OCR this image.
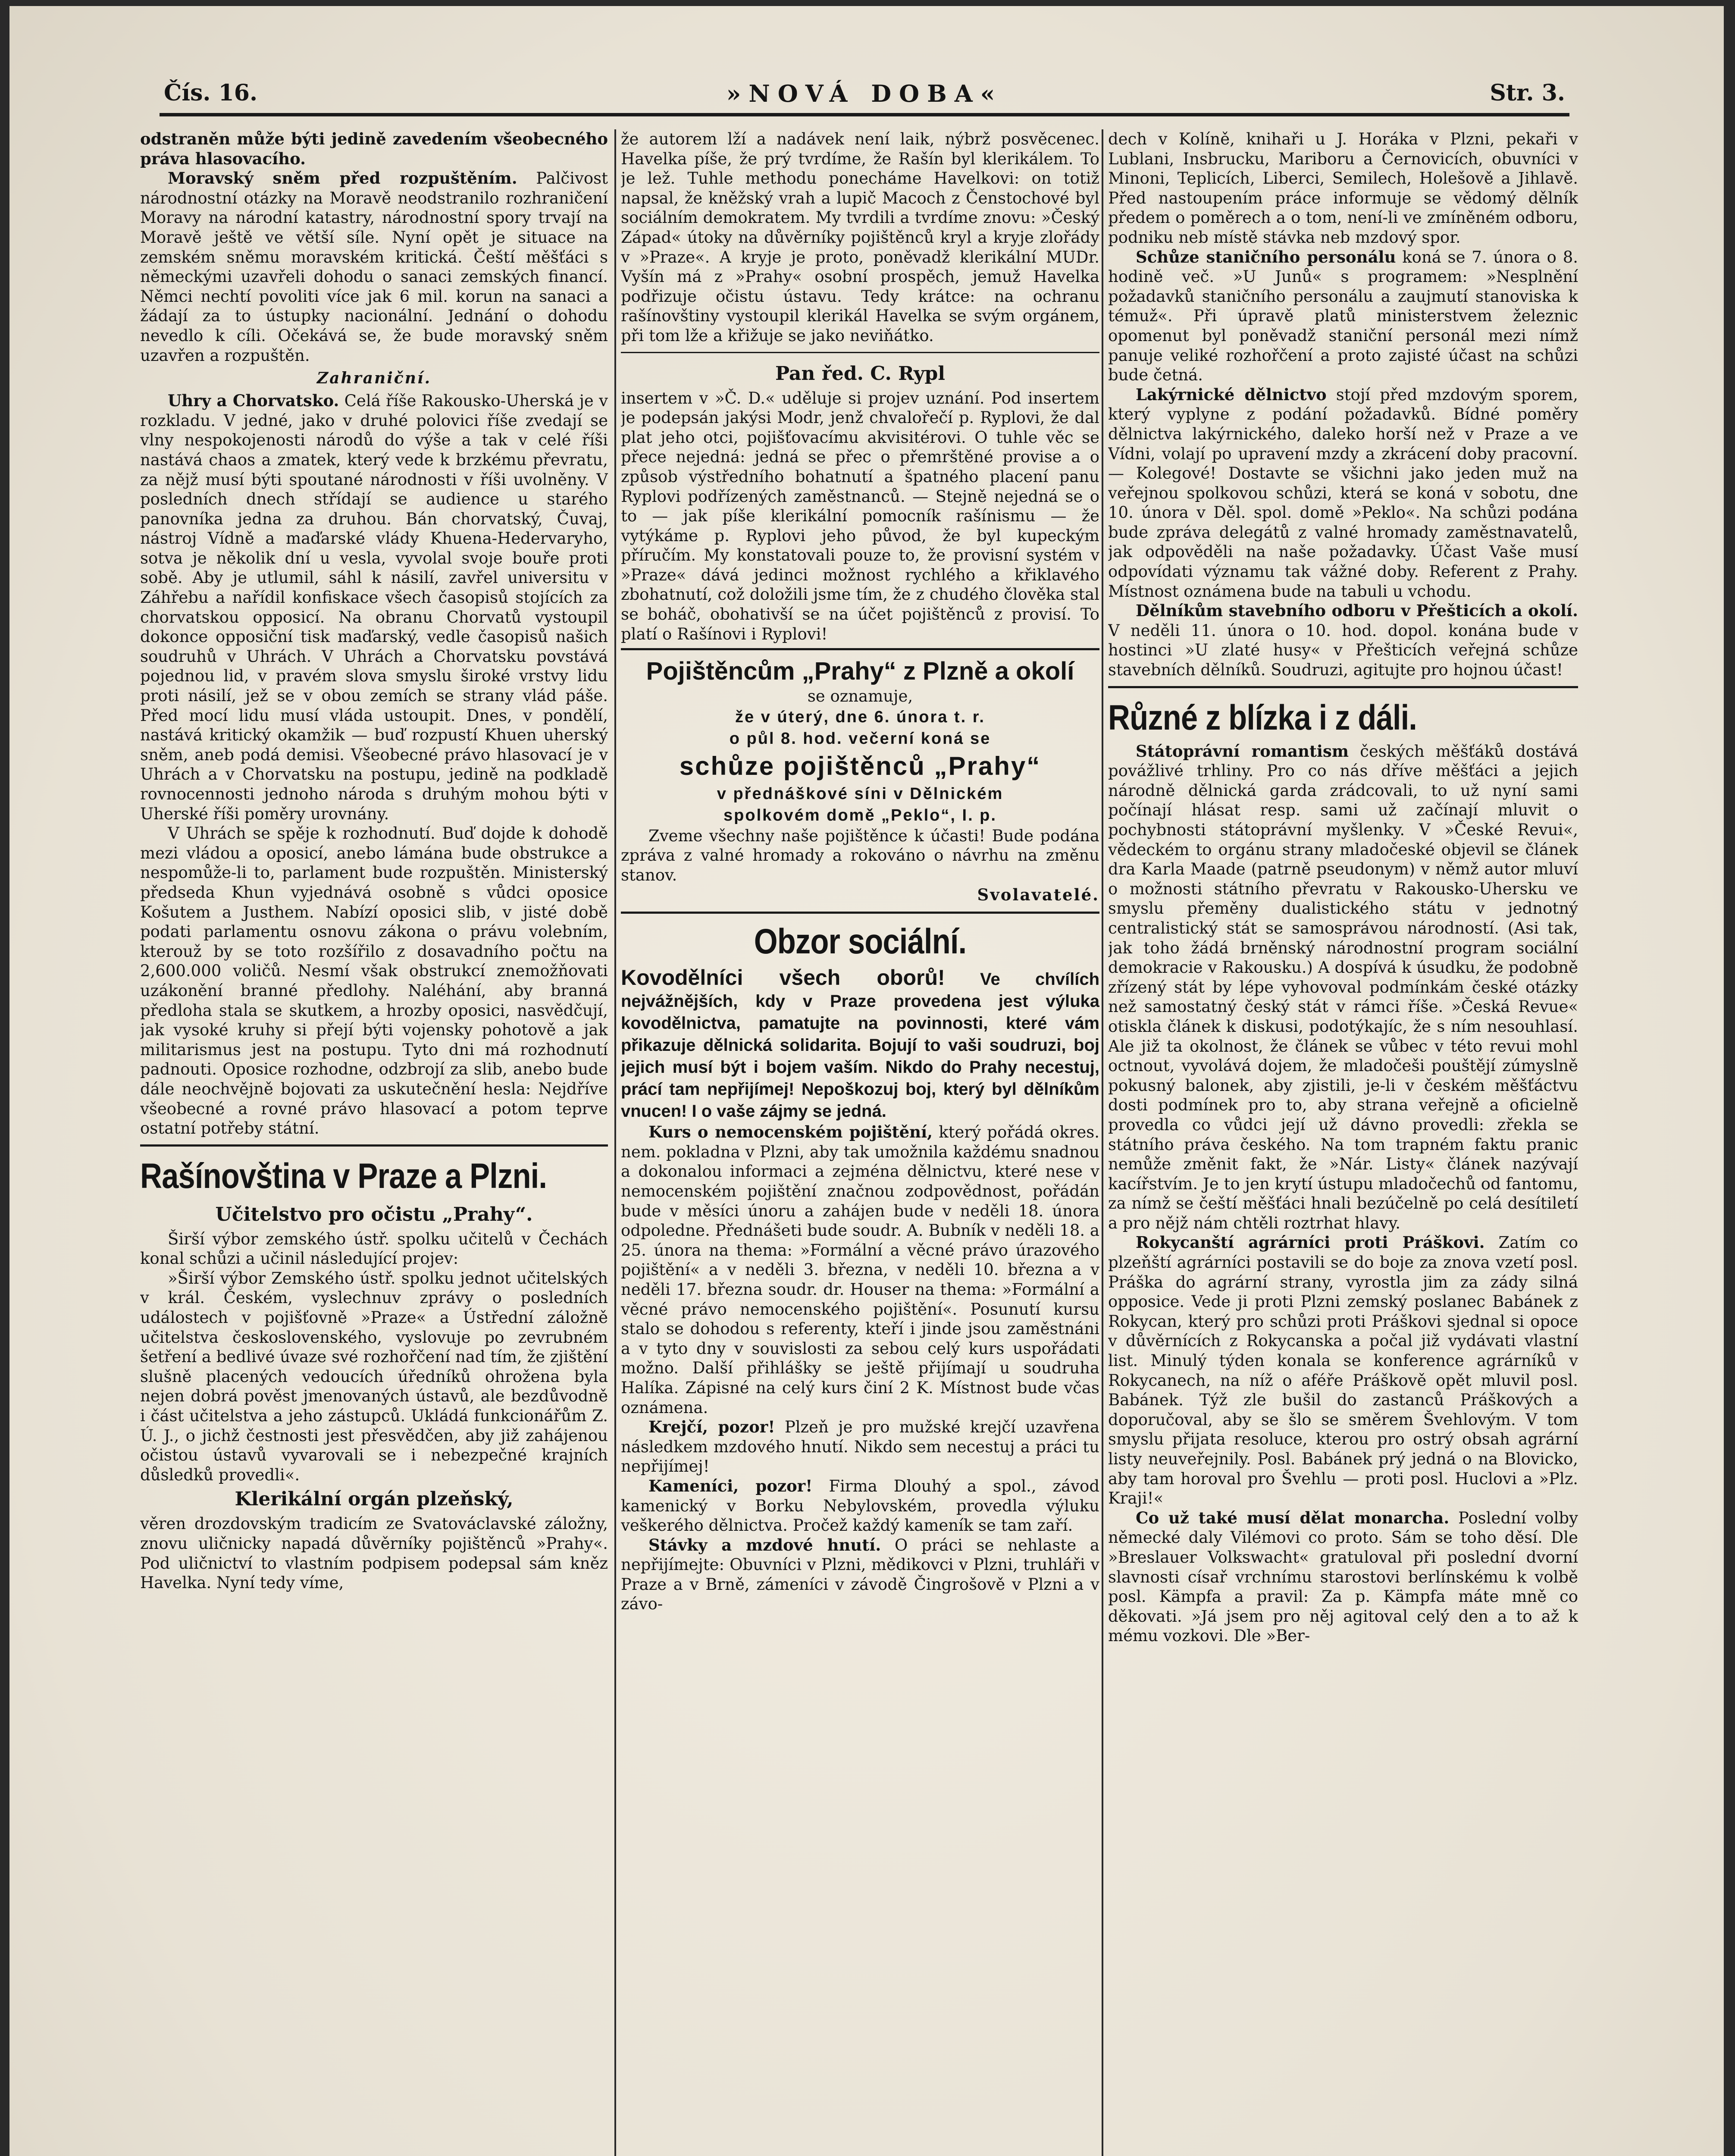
Čís. 16.	»NOVÁ DOBA«	Str. 3.

odstraněn může býti jedině zavedením všeobecného práva hlasovacího.

Moravský sněm před rozpuštěním. Palčivost národnostní otázky na Moravě neodstranilo rozhraničení Moravy na národní katastry, národnostní spory trvají na Moravě ještě ve větší síle. Nyní opět je situace na zemském sněmu moravském kritická. Čeští měšťáci s německými uzavřeli dohodu o sanaci zemských financí. Němci nechtí povoliti více jak 6 mil. korun na sanaci a žádají za to ústupky nacionální. Jednání o dohodu nevedlo k cíli. Očekává se, že bude moravský sněm uzavřen a rozpuštěn.

Zahraniční.

Uhry a Chorvatsko. Celá říše Rakousko-Uherská je v rozkladu. V jedné, jako v druhé polovici říše zvedají se vlny nespokojenosti národů do výše a tak v celé říši nastává chaos a zmatek, který vede k brzkému převratu, za nějž musí býti spoutané národnosti v říši uvolněny. V posledních dnech střídají se audience u starého panovníka jedna za druhou. Bán chorvatský, Čuvaj, nástroj Vídně a maďarské vlády Khuena-Hedervaryho, sotva je několik dní u vesla, vyvolal svoje bouře proti sobě. Aby je utlumil, sáhl k násilí, zavřel universitu v Záhřebu a nařídil konfiskace všech časopisů stojících za chorvatskou opposicí. Na obranu Chorvatů vystoupil dokonce opposiční tisk maďarský, vedle časopisů našich soudruhů v Uhrách. V Uhrách a Chorvatsku povstává pojednou lid, v pravém slova smyslu široké vrstvy lidu proti násilí, jež se v obou zemích se strany vlád páše. Před mocí lidu musí vláda ustoupit. Dnes, v pondělí, nastává kritický okamžik — buď rozpustí Khuen uherský sněm, aneb podá demisi. Všeobecné právo hlasovací je v Uhrách a v Chorvatsku na postupu, jedině na podkladě rovnocennosti jednoho národa s druhým mohou býti v Uherské říši poměry urovnány.

V Uhrách se spěje k rozhodnutí. Buď dojde k dohodě mezi vládou a oposicí, anebo lámána bude obstrukce a nespomůže-li to, parlament bude rozpuštěn. Ministerský předseda Khun vyjednává osobně s vůdci oposice Košutem a Justhem. Nabízí oposici slib, v jisté době podati parlamentu osnovu zákona o právu volebním, kterouž by se toto rozšířilo z dosavadního počtu na 2,600.000 voličů. Nesmí však obstrukcí znemožňovati uzákonění branné předlohy. Naléhání, aby branná předloha stala se skutkem, a hrozby oposici, nasvědčují, jak vysoké kruhy si přejí býti vojensky pohotově a jak militarismus jest na postupu. Tyto dni má rozhodnutí padnouti. Oposice rozhodne, odzbrojí za slib, anebo bude dále neochvějně bojovati za uskutečnění hesla: Nejdříve všeobecné a rovné právo hlasovací a potom teprve ostatní potřeby státní.

Rašínovština v Praze a Plzni.
Učitelstvo pro očistu „Prahy“.

Širší výbor zemského ústř. spolku učitelů v Čechách konal schůzi a učinil následující projev:

»Širší výbor Zemského ústř. spolku jednot učitelských v král. Českém, vyslechnuv zprávy o posledních událostech v pojišťovně »Praze« a Ústřední záložně učitelstva československého, vyslovuje po zevrubném šetření a bedlivé úvaze své rozhořčení nad tím, že zjištění slušně placených vedoucích úředníků ohrožena byla nejen dobrá pověst jmenovaných ústavů, ale bezdůvodně i část učitelstva a jeho zástupců. Ukládá funkcionářům Z. Ú. J., o jichž čestnosti jest přesvědčen, aby již zahájenou očistou ústavů vyvarovali se i nebezpečné krajních důsledků provedli«.

Klerikální orgán plzeňský,

věren drozdovským tradicím ze Svatováclavské záložny, znovu uličnicky napadá důvěrníky pojištěnců »Prahy«. Pod uličnictví to vlastním podpisem podepsal sám kněz Havelka. Nyní tedy víme,

že autorem lží a nadávek není laik, nýbrž posvěcenec. Havelka píše, že prý tvrdíme, že Rašín byl klerikálem. To je lež. Tuhle methodu ponecháme Havelkovi: on totiž napsal, že kněžský vrah a lupič Macoch z Čenstochové byl sociálním demokratem. My tvrdili a tvrdíme znovu: »Český Západ« útoky na důvěrníky pojištěnců kryl a kryje zlořády v »Praze«. A kryje je proto, poněvadž klerikální MUDr. Vyšín má z »Prahy« osobní prospěch, jemuž Havelka podřizuje očistu ústavu. Tedy krátce: na ochranu rašínovštiny vystoupil klerikál Havelka se svým orgánem, při tom lže a křižuje se jako neviňátko.

Pan řed. C. Rypl

insertem v »Č. D.« uděluje si projev uznání. Pod insertem je podepsán jakýsi Modr, jenž chvalořečí p. Ryplovi, že dal plat jeho otci, pojišťovacímu akvisitérovi. O tuhle věc se přece nejedná: jedná se přec o přemrštěné provise a o způsob výstředního bohatnutí a špatného placení panu Ryplovi podřízených zaměstnanců. — Stejně nejedná se o to — jak píše klerikální pomocník rašínismu — že vytýkáme p. Ryplovi jeho původ, že byl kupeckým příručím. My konstatovali pouze to, že provisní systém v »Praze« dává jedinci možnost rychlého a křiklavého zbohatnutí, což doložili jsme tím, že z chudého člověka stal se boháč, obohativší se na účet pojištěnců z provisí. To platí o Rašínovi i Ryplovi!

Pojištěncům „Prahy“ z Plzně a okolí

se oznamuje,

že v úterý, dne 6. února t. r.
o půl 8. hod. večerní koná se
schůze pojištěnců „Prahy“
v přednáškové síni v Dělnickém
spolkovém domě „Peklo“, I. p.

Zveme všechny naše pojištěnce k účasti! Bude podána zpráva z valné hromady a rokováno o návrhu na změnu stanov.

Svolavatelé.

Obzor sociální.

Kovodělníci všech oborů! Ve chvílích nejvážnějších, kdy v Praze provedena jest výluka kovodělnictva, pamatujte na povinnosti, které vám přikazuje dělnická solidarita. Bojují to vaši soudruzi, boj jejich musí být i bojem vaším. Nikdo do Prahy necestuj, prácí tam nepřijímej! Nepoškozuj boj, který byl dělníkům vnucen! I o vaše zájmy se jedná.

Kurs o nemocenském pojištění, který pořádá okres. nem. pokladna v Plzni, aby tak umožnila každému snadnou a dokonalou informaci a zejména dělnictvu, které nese v nemocenském pojištění značnou zodpovědnost, pořádán bude v měsíci únoru a zahájen bude v neděli 18. února odpoledne. Přednášeti bude soudr. A. Bubník v neděli 18. a 25. února na thema: »Formální a věcné právo úrazového pojištění« a v neděli 3. března, v neděli 10. března a v neděli 17. března soudr. dr. Houser na thema: »Formální a věcné právo nemocenského pojištění«. Posunutí kursu stalo se dohodou s referenty, kteří i jinde jsou zaměstnáni a v tyto dny v souvislosti za sebou celý kurs uspořádati možno. Další přihlášky se ještě přijímají u soudruha Halíka. Zápisné na celý kurs činí 2 K. Místnost bude včas oznámena.

Krejčí, pozor! Plzeň je pro mužské krejčí uzavřena následkem mzdového hnutí. Nikdo sem necestuj a práci tu nepřijímej!

Kameníci, pozor! Firma Dlouhý a spol., závod kamenický v Borku Nebylovském, provedla výluku veškerého dělnictva. Pročež každý kameník se tam zaří.

Stávky a mzdové hnutí. O práci se nehlaste a nepřijímejte: Obuvníci v Plzni, mědikovci v Plzni, truhláři v Praze a v Brně, zámeníci v závodě Čingrošově v Plzni a v závo-

dech v Kolíně, knihaři u J. Horáka v Plzni, pekaři v Lublani, Insbrucku, Mariboru a Černovicích, obuvníci v Minoni, Teplicích, Liberci, Semilech, Holešově a Jihlavě. Před nastoupením práce informuje se vědomý dělník předem o poměrech a o tom, není-li ve zmíněném odboru, podniku neb místě stávka neb mzdový spor.

Schůze staničního personálu koná se 7. února o 8. hodině več. »U Junů« s programem: »Nesplnění požadavků staničního personálu a zaujmutí stanoviska k témuž«. Při úpravě platů ministerstvem železnic opomenut byl poněvadž staniční personál mezi nímž panuje veliké rozhořčení a proto zajisté účast na schůzi bude četná.

Lakýrnické dělnictvo stojí před mzdovým sporem, který vyplyne z podání požadavků. Bídné poměry dělnictva lakýrnického, daleko horší než v Praze a ve Vídni, volají po upravení mzdy a zkrácení doby pracovní. — Kolegové! Dostavte se všichni jako jeden muž na veřejnou spolkovou schůzi, která se koná v sobotu, dne 10. února v Děl. spol. domě »Peklo«. Na schůzi podána bude zpráva delegátů z valné hromady zaměstnavatelů, jak odpověděli na naše požadavky. Účast Vaše musí odpovídati významu tak vážné doby. Referent z Prahy. Místnost oznámena bude na tabuli u vchodu.

Dělníkům stavebního odboru v Přešticích a okolí. V neděli 11. února o 10. hod. dopol. konána bude v hostinci »U zlaté husy« v Přešticích veřejná schůze stavebních dělníků. Soudruzi, agitujte pro hojnou účast!

Různé z blízka i z dáli.

Státoprávní romantism českých měšťáků dostává povážlivé trhliny. Pro co nás dříve měšťáci a jejich národně dělnická garda zrádcovali, to už nyní sami počínají hlásat resp. sami už začínají mluvit o pochybnosti státoprávní myšlenky. V »České Revui«, vědeckém to orgánu strany mladočeské objevil se článek dra Karla Maade (patrně pseudonym) v němž autor mluví o možnosti státního převratu v Rakousko-Uhersku ve smyslu přeměny dualistického státu v jednotný centralistický stát se samosprávou národností. (Asi tak, jak toho žádá brněnský národnostní program sociální demokracie v Rakousku.) A dospívá k úsudku, že podobně zřízený stát by lépe vyhovoval podmínkám české otázky než samostatný český stát v rámci říše. »Česká Revue« otiskla článek k diskusi, podotýkajíc, že s ním nesouhlasí. Ale již ta okolnost, že článek se vůbec v této revui mohl octnout, vyvolává dojem, že mladočeši pouštějí zúmyslně pokusný balonek, aby zjistili, je-li v českém měšťáctvu dosti podmínek pro to, aby strana veřejně a oficielně provedla co vůdci její už dávno provedli: zřekla se státního práva českého. Na tom trapném faktu pranic nemůže změnit fakt, že »Nár. Listy« článek nazývají kacířstvím. Je to jen krytí ústupu mladočechů od fantomu, za nímž se čeští měšťáci hnali bezúčelně po celá desítiletí a pro nějž nám chtěli roztrhat hlavy.

Rokycanští agrárníci proti Práškovi. Zatím co plzeňští agrárníci postavili se do boje za znova vzetí posl. Práška do agrární strany, vyrostla jim za zády silná opposice. Vede ji proti Plzni zemský poslanec Babánek z Rokycan, který pro schůzi proti Práškovi sjednal si opoce v důvěrnících z Rokycanska a počal již vydávati vlastní list. Minulý týden konala se konference agrárníků v Rokycanech, na níž o aféře Práškově opět mluvil posl. Babánek. Týž zle bušil do zastanců Práškových a doporučoval, aby se šlo se směrem Švehlovým. V tom smyslu přijata resoluce, kterou pro ostrý obsah agrární listy neuveřejnily. Posl. Babánek prý jedná o na Blovicko, aby tam horoval pro Švehlu — proti posl. Huclovi a »Plz. Kraji!«

Co už také musí dělat monarcha. Poslední volby německé daly Vilémovi co proto. Sám se toho děsí. Dle »Breslauer Volkswacht« gratuloval při poslední dvorní slavnosti císař vrchnímu starostovi berlínskému k volbě posl. Kämpfa a pravil: Za p. Kämpfa máte mně co děkovati. »Já jsem pro něj agitoval celý den a to až k mému vozkovi. Dle »Ber-
